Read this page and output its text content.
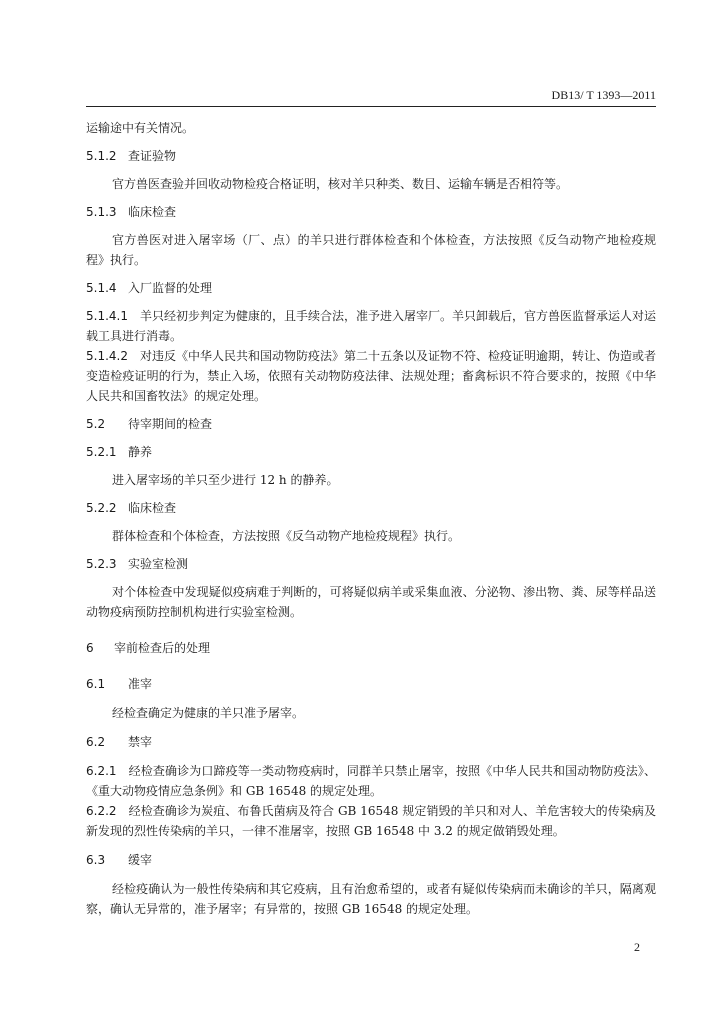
DB13/ T 1393—2011

运输途中有关情况。

5.1.2 查证验物

官方兽医查验并回收动物检疫合格证明，核对羊只种类、数目、运输车辆是否相符等。

5.1.3 临床检查

官方兽医对进入屠宰场（厂、点）的羊只进行群体检查和个体检查，方法按照《反刍动物产地检疫规程》执行。

5.1.4 入厂监督的处理

5.1.4.1 羊只经初步判定为健康的，且手续合法，准予进入屠宰厂。羊只卸载后，官方兽医监督承运人对运载工具进行消毒。

5.1.4.2 对违反《中华人民共和国动物防疫法》第二十五条以及证物不符、检疫证明逾期，转让、伪造或者变造检疫证明的行为，禁止入场，依照有关动物防疫法律、法规处理；畜禽标识不符合要求的，按照《中华人民共和国畜牧法》的规定处理。

5.2 待宰期间的检查

5.2.1 静养

进入屠宰场的羊只至少进行 12 h 的静养。

5.2.2 临床检查

群体检查和个体检查，方法按照《反刍动物产地检疫规程》执行。

5.2.3 实验室检测

对个体检查中发现疑似疫病难于判断的，可将疑似病羊或采集血液、分泌物、渗出物、粪、尿等样品送动物疫病预防控制机构进行实验室检测。

6 宰前检查后的处理

6.1 准宰

经检查确定为健康的羊只准予屠宰。

6.2 禁宰

6.2.1 经检查确诊为口蹄疫等一类动物疫病时，同群羊只禁止屠宰，按照《中华人民共和国动物防疫法》、《重大动物疫情应急条例》和 GB 16548 的规定处理。

6.2.2 经检查确诊为炭疽、布鲁氏菌病及符合 GB 16548 规定销毁的羊只和对人、羊危害较大的传染病及新发现的烈性传染病的羊只，一律不准屠宰，按照 GB 16548 中 3.2 的规定做销毁处理。

6.3 缓宰

经检疫确认为一般性传染病和其它疫病，且有治愈希望的，或者有疑似传染病而未确诊的羊只，隔离观察，确认无异常的，准予屠宰；有异常的，按照 GB 16548 的规定处理。

2
